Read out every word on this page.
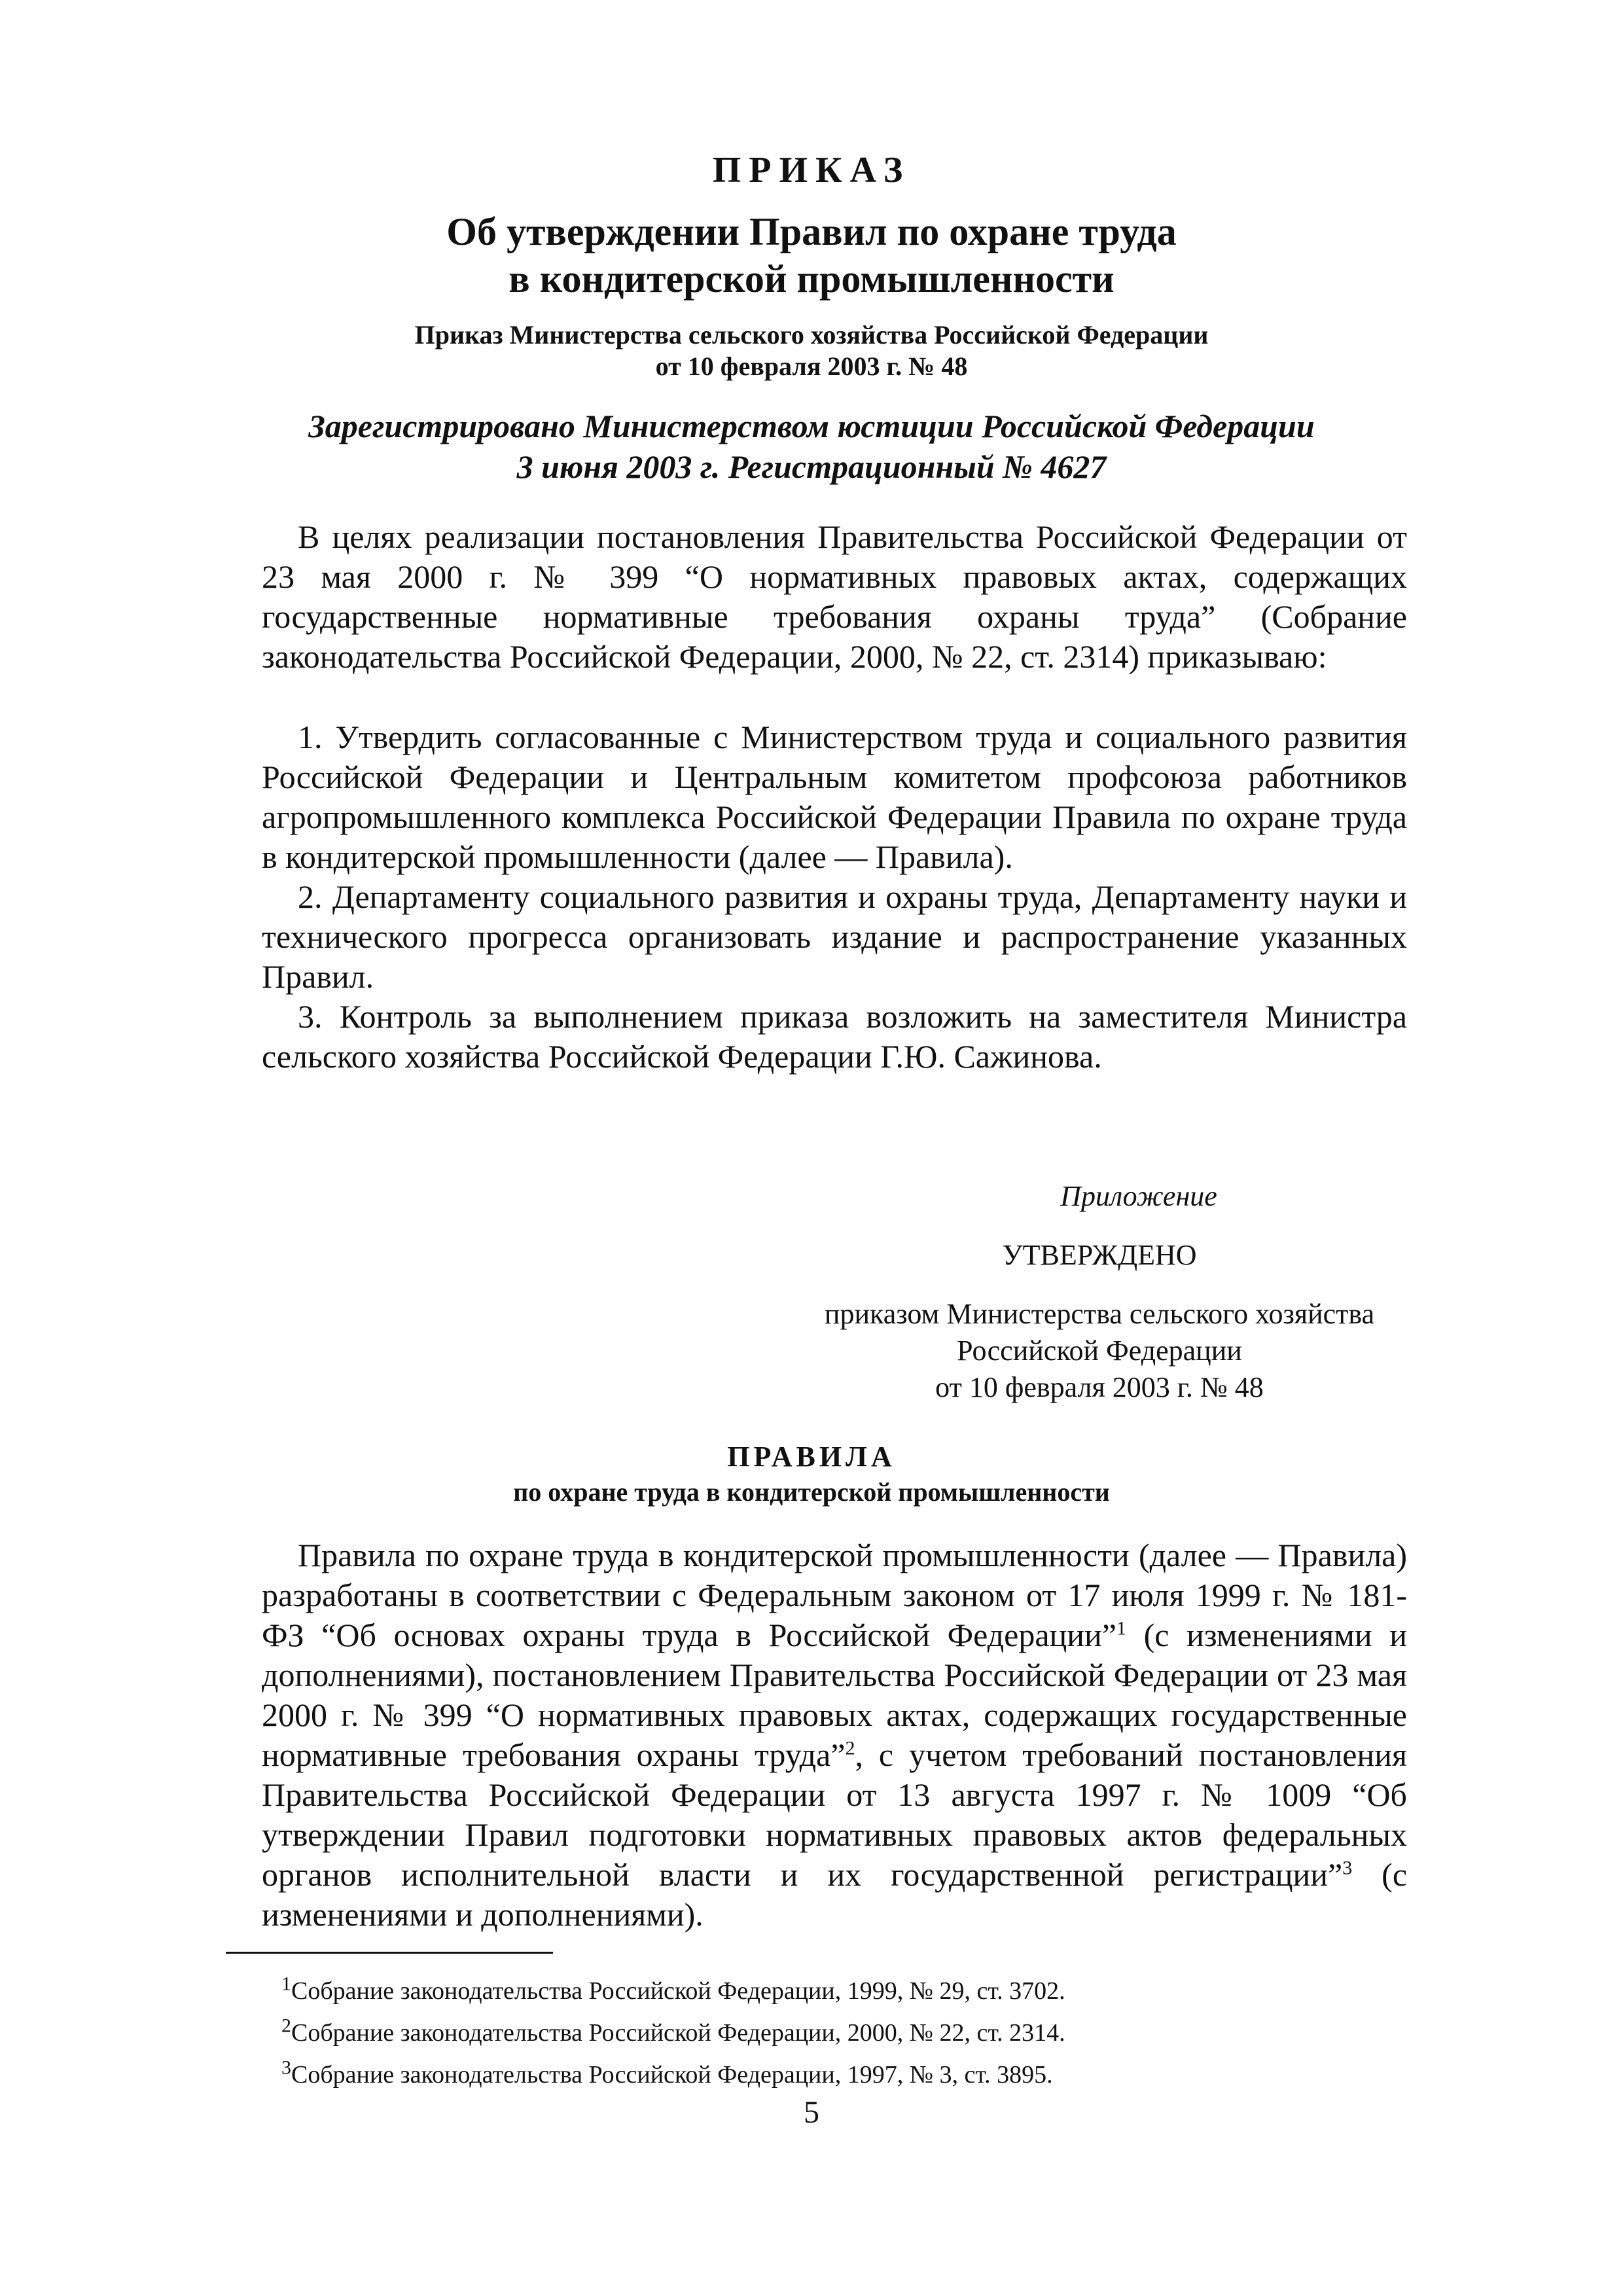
ПРИКАЗ
Об утверждении Правил по охране труда
в кондитерской промышленности
Приказ Министерства сельского хозяйства Российской Федерации
от 10 февраля 2003 г. № 48
Зарегистрировано Министерством юстиции Российской Федерации
3 июня 2003 г. Регистрационный № 4627

В целях реализации постановления Правительства Российской Федерации от 23 мая 2000 г. № 399 “О нормативных правовых актах, содержащих государственные нормативные требования охраны труда” (Собрание законодательства Российской Федерации, 2000, № 22, ст. 2314) приказываю:

1. Утвердить согласованные с Министерством труда и социального развития Российской Федерации и Центральным комитетом профсоюза работников агропромышленного комплекса Российской Федерации Правила по охране труда в кондитерской промышленности (далее — Правила).

2. Департаменту социального развития и охраны труда, Департаменту науки и технического прогресса организовать издание и распространение указанных Правил.

3. Контроль за выполнением приказа возложить на заместителя Министра сельского хозяйства Российской Федерации Г.Ю. Сажинова.

Приложение
УТВЕРЖДЕНО
приказом Министерства сельского хозяйства
Российской Федерации
от 10 февраля 2003 г. № 48
ПРАВИЛА
по охране труда в кондитерской промышленности

Правила по охране труда в кондитерской промышленности (далее — Правила) разработаны в соответствии с Федеральным законом от 17 июля 1999 г. № 181-ФЗ “Об основах охраны труда в Российской Федерации”$^1$ (с изменениями и дополнениями), постановлением Правительства Российской Федерации от 23 мая 2000 г. № 399 “О нормативных правовых актах, содержащих государственные нормативные требования охраны труда”$^2$, с учетом требований постановления Правительства Российской Федерации от 13 августа 1997 г. № 1009 “Об утверждении Правил подготовки нормативных правовых актов федеральных органов исполнительной власти и их государственной регистрации”$^3$ (с изменениями и дополнениями).

$^1$Собрание законодательства Российской Федерации, 1999, № 29, ст. 3702.
$^2$Собрание законодательства Российской Федерации, 2000, № 22, ст. 2314.
$^3$Собрание законодательства Российской Федерации, 1997, № 3, ст. 3895.
5
